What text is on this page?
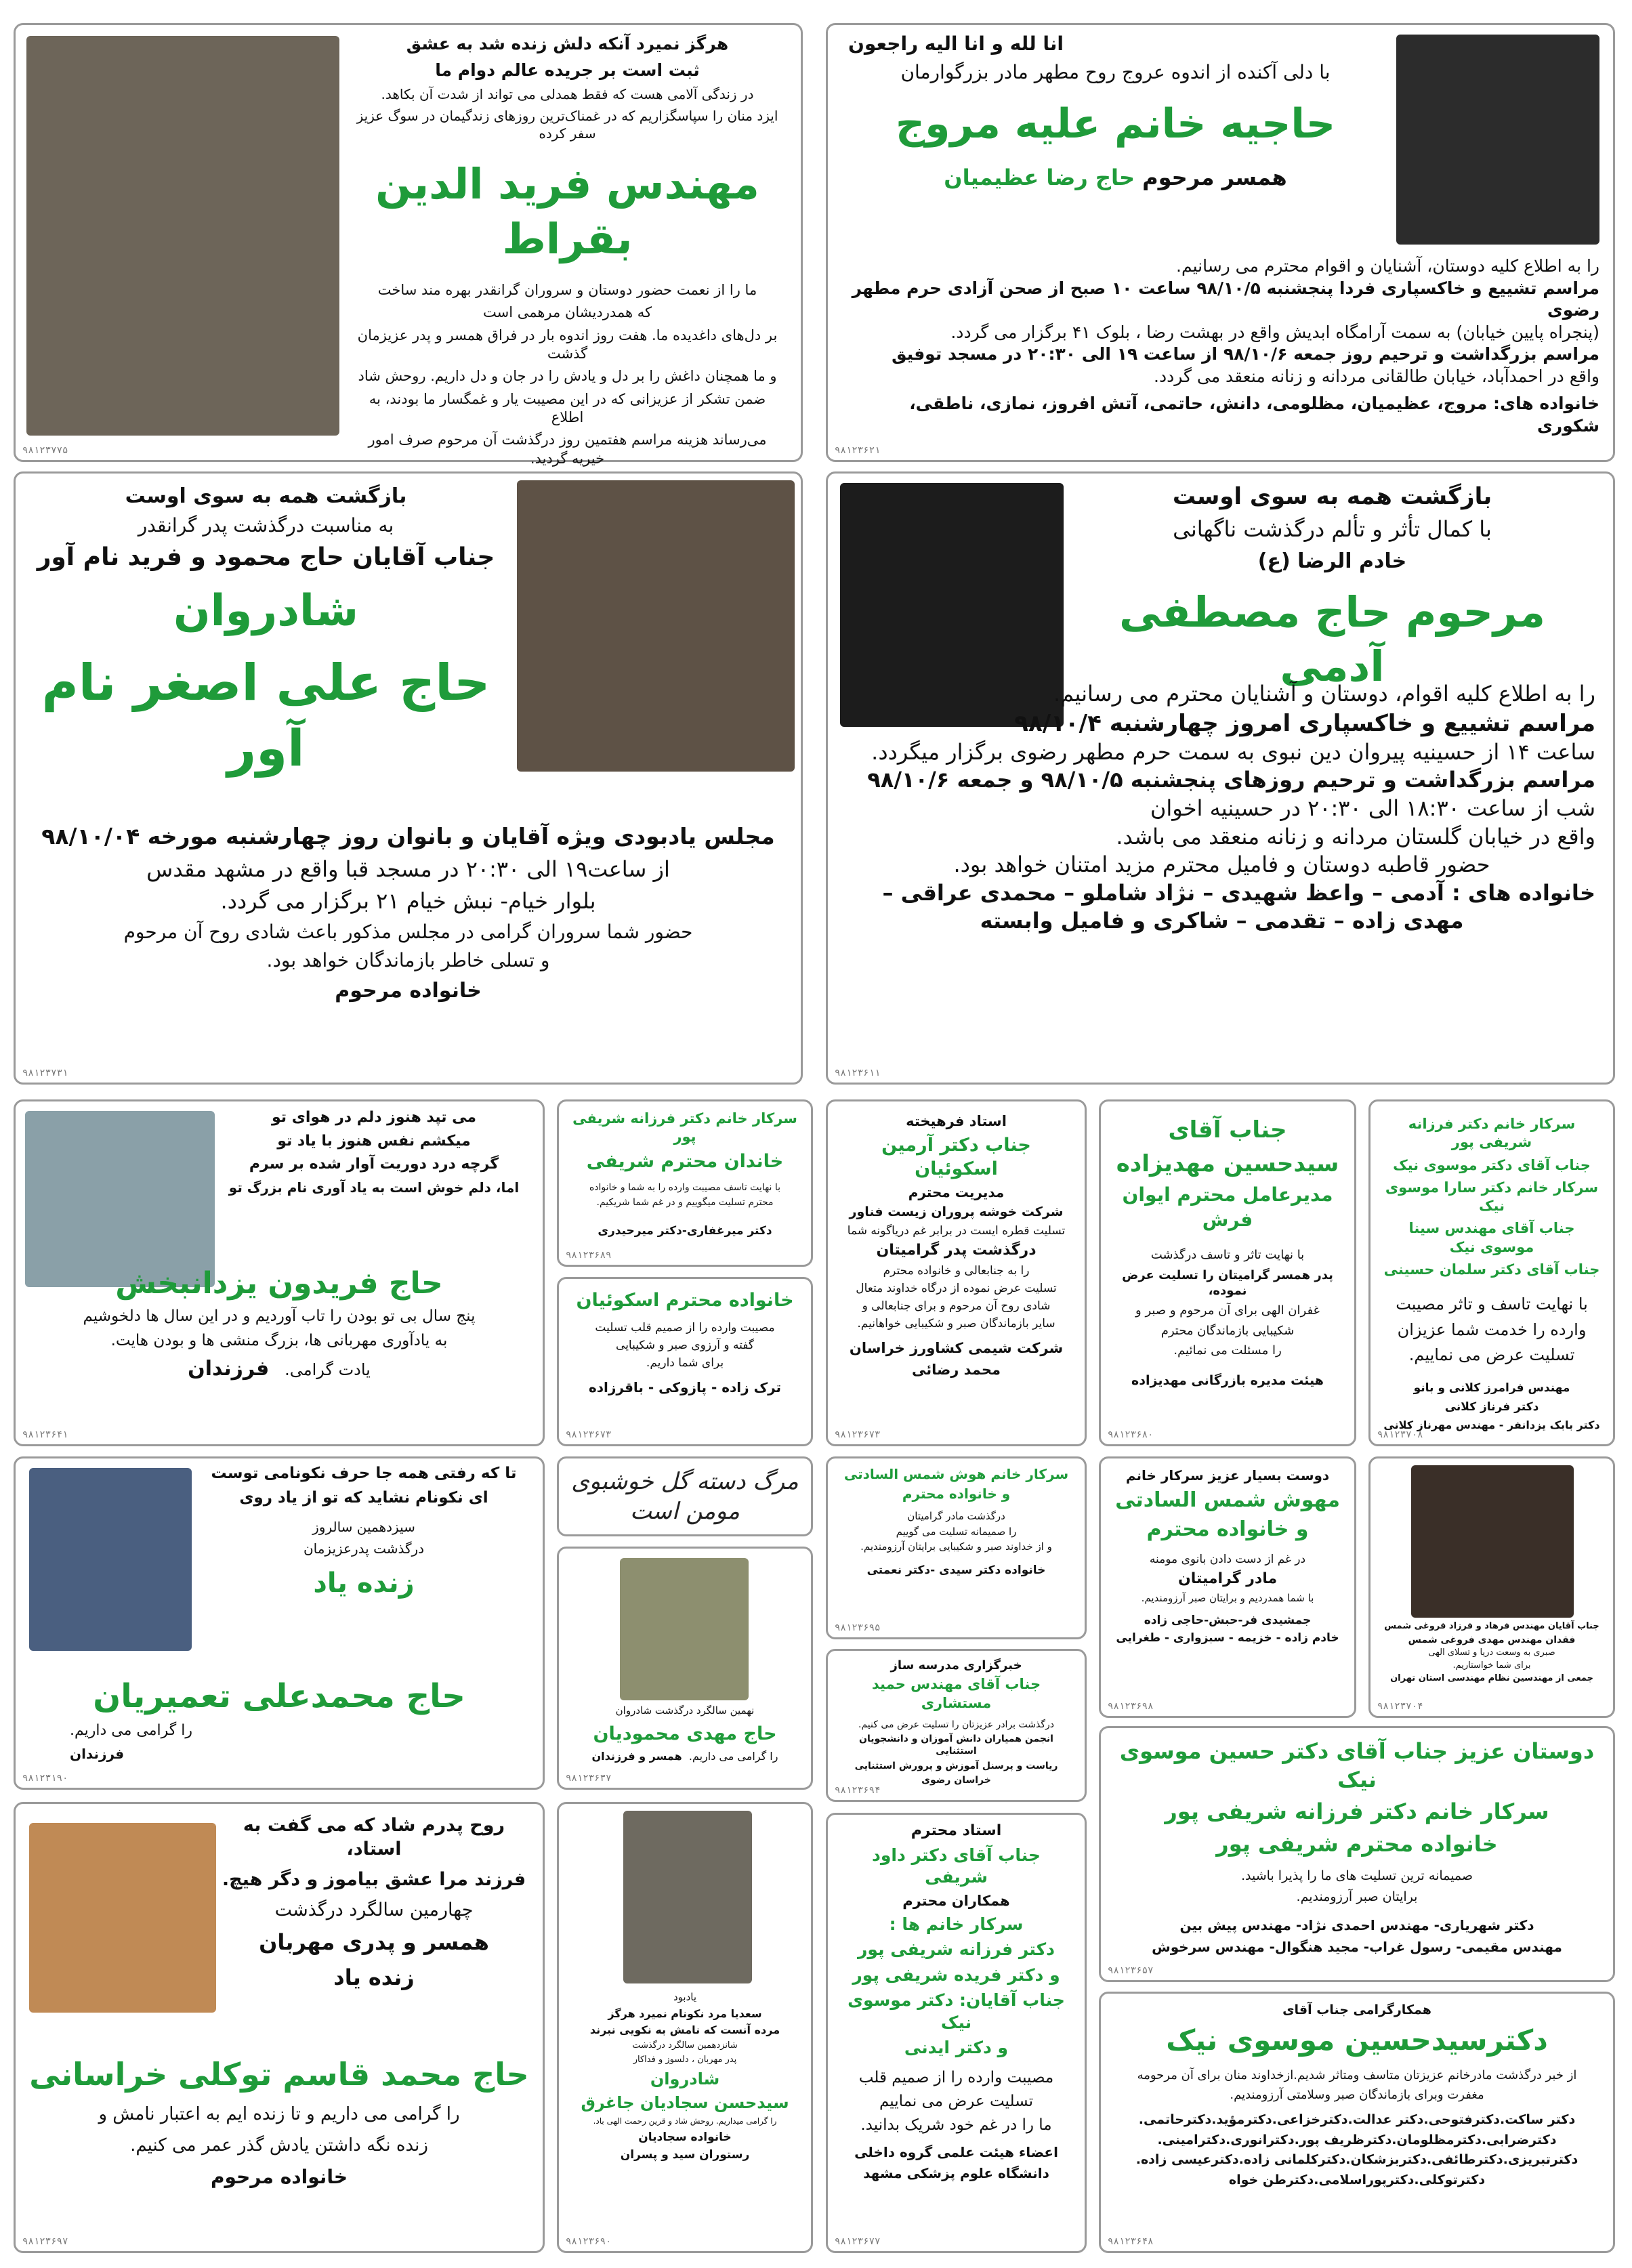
انا لله و انا الیه راجعون

با دلی آکنده از اندوه عروج روح مطهر مادر بزرگوارمان

حاجیه خانم علیه مروج

همسر مرحوم حاج رضا عظیمیان

را به اطلاع کلیه دوستان، آشنایان و اقوام محترم می رسانیم.

مراسم تشییع و خاکسپاری فردا پنجشنبه ۹۸/۱۰/۵ ساعت ۱۰ صبح از صحن آزادی حرم مطهر رضوی

(پنجراه پایین خیابان) به سمت آرامگاه ابدیش واقع در بهشت رضا ، بلوک ۴۱ برگزار می گردد.

مراسم بزرگداشت و ترحیم روز جمعه ۹۸/۱۰/۶ از ساعت ۱۹ الی ۲۰:۳۰ در مسجد توفیق

واقع در احمدآباد، خیابان طالقانی مردانه و زنانه منعقد می گردد.

خانواده های: مروج، عظیمیان، مظلومی، دانش، حاتمی، آتش افروز، نمازی، ناطقی، شکوری

۹۸۱۲۳۶۲۱

هرگز نمیرد آنکه دلش زنده شد به عشق

ثبت است بر جریده عالم دوام ما

در زندگی آلامی هست که فقط همدلی می تواند از شدت آن بکاهد.

ایزد منان را سپاسگزاریم که در غمناک‌ترین روزهای زندگیمان در سوگ عزیز سفر کرده

مهندس فرید الدین بقراط

ما را از نعمت حضور دوستان و سروران گرانقدر بهره مند ساخت

که همدردیشان مرهمی است

بر دل‌های داغدیده ما. هفت روز اندوه بار در فراق همسر و پدر عزیزمان گذشت

و ما همچنان داغش را بر دل و یادش را در جان و دل داریم. روحش شاد

ضمن تشکر از عزیزانی که در این مصیبت یار و غمگسار ما بودند، به اطلاع

می‌رساند هزینه مراسم هفتمین روز درگذشت آن مرحوم صرف امور خیریه گردید.

۹۸۱۲۳۷۷۵

بازگشت همه به سوی اوست

با کمال تأثر و تألم درگذشت ناگهانی

خادم الرضا (ع)

مرحوم حاج مصطفی آدمی

را به اطلاع کلیه اقوام، دوستان و آشنایان محترم می رسانیم.

مراسم تشییع و خاکسپاری امروز چهارشنبه ۹۸/۱۰/۴

ساعت ۱۴ از حسینیه پیروان دین نبوی به سمت حرم مطهر رضوی برگزار میگردد.

مراسم بزرگداشت و ترحیم روزهای پنجشنبه ۹۸/۱۰/۵ و جمعه ۹۸/۱۰/۶

شب از ساعت ۱۸:۳۰ الی ۲۰:۳۰ در حسینیه اخوان

واقع در خیابان گلستان مردانه و زنانه منعقد می باشد.

حضور قاطبه دوستان و فامیل محترم مزید امتنان خواهد بود.

خانواده های : آدمی – واعظ شهیدی – نژاد شاملو – محمدی عراقی –

مهدی زاده – تقدمی – شاکری و فامیل وابسته

۹۸۱۲۳۶۱۱

بازگشت همه به سوی اوست

به مناسبت درگذشت پدر گرانقدر

جناب آقایان حاج محمود و فرید نام آور

شادروان

حاج علی اصغر نام آور

مجلس یادبودی ویژه آقایان و بانوان روز چهارشنبه مورخه ۹۸/۱۰/۰۴

از ساعت۱۹ الی ۲۰:۳۰ در مسجد قبا واقع در مشهد مقدس

بلوار خیام- نبش خیام ۲۱ برگزار می گردد.

حضور شما سروران گرامی در مجلس مذکور باعث شادی روح آن مرحوم

و تسلی خاطر بازماندگان خواهد بود.

خانواده مرحوم

۹۸۱۲۳۷۳۱

سرکار خانم دکتر فرزانه شریفی پور

جناب آقای دکتر موسوی نیک

سرکار خانم دکتر سارا موسوی نیک

جناب آقای مهندس سینا موسوی نیک

جناب آقای دکتر سلمان حسینی

با نهایت تاسف و تاثر مصیبت

وارده را خدمت شما عزیزان

تسلیت عرض می نماییم.

مهندس فرامرز کلانی و بانو

دکتر فرناز کلانی

دکتر بابک یزدانفر - مهندس مهرناز کلانی

۹۸۱۲۳۷۰۸

جناب آقای

سیدحسین مهدیزاده

مدیرعامل محترم ایوان فرش

با نهایت تاثر و تاسف درگذشت

پدر همسر گرامیتان را تسلیت عرض نموده،

غفران الهی برای آن مرحوم و صبر و

شکیبایی بازماندگان محترم

را مسئلت می نمائیم.

هیئت مدیره بازرگانی مهدیزاده

۹۸۱۲۳۶۸۰

استاد فرهیخته

جناب دکتر آرمین اسکوئیان

مدیریت محترم

شرکت خوشه پروران زیست فناور

تسلیت قطره ایست در برابر غم دریاگونه شما

درگذشت پدر گرامیتان

را به جنابعالی و خانواده محترم

تسلیت عرض نموده از درگاه خداوند متعال

شادی روح آن مرحوم و برای جنابعالی و

سایر بازماندگان صبر و شکیبایی خواهانیم.

شرکت شیمی کشاورز خراسان

محمد رضائی

۹۸۱۲۳۶۷۳

سرکار خانم دکتر فرزانه شریفی پور

خاندان محترم شریفی

با نهایت تاسف مصیبت وارده را به شما و خانواده

محترم تسلیت میگوییم و در غم شما شریکیم.

دکتر میرغفاری-دکتر میرحیدری

۹۸۱۲۳۶۸۹

خانواده محترم اسکوئیان

مصیبت وارده را از صمیم قلب تسلیت

گفته و آرزوی صبر و شکیبایی

برای شما داریم.

ترک زاده - پازوکی - باقرزاده

۹۸۱۲۳۶۷۳

می تپد هنوز دلم در هوای تو

میکشم نفس هنوز با یاد تو

گرچه درد دوریت آوار شده بر سرم

اما، دلم خوش است به یاد آوری نام بزرگ تو

حاج فریدون یزدانبخش

پنج سال بی تو بودن را تاب آوردیم و در این سال ها دلخوشیم

به یادآوری مهربانی ها، بزرگ منشی ها و بودن هایت.

یادت گرامی.   فرزندان

۹۸۱۲۳۶۴۱

تا که رفتی همه جا حرف نکونامی توست

ای نکونام نشاید که تو از یاد روی

سیزدهمین سالروز

درگذشت پدرعزیزمان

زنده یاد

حاج محمدعلی تعمیریان

را گرامی می داریم.

فرزندان

۹۸۱۲۳۱۹۰

مرگ دسته گل خوشبوی مومن است

نهمین سالگرد درگذشت شادروان

حاج مهدی محمودیان

را گرامی می داریم.  همسر و فرزندان

۹۸۱۲۳۶۳۷

سرکار خانم هوش شمس السادتی

و خانواده محترم

درگذشت مادر گرامیتان

را صمیمانه تسلیت می گوییم

و از خداوند صبر و شکیبایی برایتان آرزومندیم.

خانواده دکتر سیدی -دکتر نعمتی

۹۸۱۲۳۶۹۵

دوست بسیار عزیز سرکار خانم

مهوش شمس السادتی

و خانواده محترم

در غم از دست دادن بانوی مومنه

مادر گرامیتان

با شما همدردیم و برایتان صبر آرزومندیم.

جمشیدی فر-حبش-حاجی زاده

خادم زاده - خزیمه - سبزواری - طغرایی

۹۸۱۲۳۶۹۸

جناب آقایان مهندس فرهاد و فرزاد فروغی شمس

فقدان مهندس مهدی فروغی شمس

صبری به وسعت دریا و تسلای الهی

برای شما خواستاریم.

جمعی از مهندسین نظام مهندسی استان تهران

۹۸۱۲۳۷۰۴

خبرگزاری مدرسه ساز

جناب آقای مهندس حمید مستشاری

درگذشت برادر عزیزتان را تسلیت عرض می کنیم.

انجمن همیاران دانش آموزان و دانشجویان استثنایی

ریاست و پرسنل آموزش و پرورش استثنایی

خراسان رضوی

۹۸۱۲۳۶۹۴

دوستان عزیز جناب آقای دکتر حسین موسوی نیک

سرکار خانم دکتر فرزانه شریفی پور

خانواده محترم شریفی پور

صمیمانه ترین تسلیت های ما را پذیرا باشید.

برایتان صبر آرزومندیم.

دکتر شهریاری- مهندس احمدی نژاد- مهندس پیش بین

مهندس مقیمی- رسول غراب- مجید هنگوال- مهندس سرخوش

۹۸۱۲۳۶۵۷

روح پدرم شاد که می گفت به استاد،

فرزند مرا عشق بیاموز و دگر هیچ.

چهارمین سالگرد درگذشت

همسر و پدری مهربان

زنده یاد

حاج محمد قاسم توکلی خراسانی

را گرامی می داریم و تا زنده ایم به اعتبار نامش و

زنده نگه داشتن یادش گذر عمر می کنیم.

خانواده مرحوم

۹۸۱۲۳۶۹۷

یادبود

سعدیا مرد نکونام نمیرد هرگز

مرده آنست که نامش به نکویی نبرند

شانزدهمین سالگرد درگذشت

پدر مهربان ، دلسوز و فداکار

شادروان

سیدحسن سجادیان جاغرق

را گرامی میداریم. روحش شاد و قرین رحمت الهی باد.

خانواده سجادیان

رستوران سید و پسران

۹۸۱۲۳۶۹۰

استاد محترم

جناب آقای دکتر داود شریفی

همکاران محترم

سرکار خانم ها :

دکتر فرزانه شریفی پور

و دکتر فریده شریفی پور

جناب آقایان: دکتر موسوی نیک

و دکتر ایدنی

مصیبت وارده را از صمیم قلب

تسلیت عرض می نماییم

ما را در غم خود شریک بدانید.

اعضاء هیئت علمی گروه داخلی

دانشگاه علوم پزشکی مشهد

۹۸۱۲۳۶۷۷

همکارگرامی جناب آقای

دکترسیدحسین موسوی نیک

از خبر درگذشت مادرخانم عزیزتان متاسف ومتاثر شدیم.ازخداوند منان برای آن مرحومه

مغفرت وبرای بازماندگان صبر وسلامتی آرزومندیم.

دکتر ساکت.دکترفتوحی.دکتر عدالت.دکترخزاعی.دکترمؤید.دکترحاتمی.

دکترضرابی.دکترمظلومان.دکترظریف پور.دکترانوری.دکترامینی.

دکترتبریزی.دکترطائفی.دکتربزشکان.دکترکلمانی زاده.دکترعیسی زاده.

دکترتوکلی.دکترپوراسلامی.دکترطن خواه

۹۸۱۲۳۶۴۸
